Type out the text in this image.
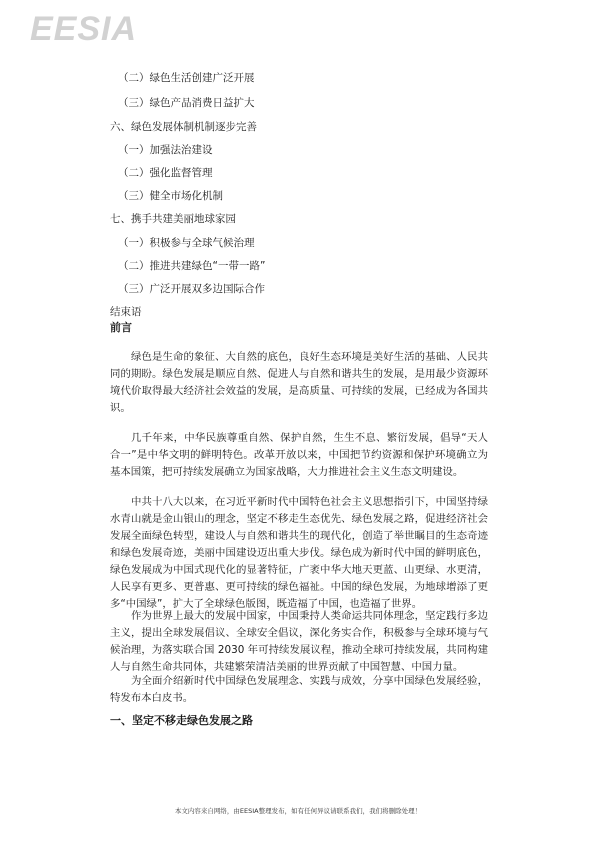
EESIA
（二）绿色生活创建广泛开展
（三）绿色产品消费日益扩大
六、绿色发展体制机制逐步完善
（一）加强法治建设
（二）强化监督管理
（三）健全市场化机制
七、携手共建美丽地球家园
（一）积极参与全球气候治理
（二）推进共建绿色“一带一路”
（三）广泛开展双多边国际合作
结束语
前言

绿色是生命的象征、大自然的底色，良好生态环境是美好生活的基础、人民共同的期盼。绿色发展是顺应自然、促进人与自然和谐共生的发展，是用最少资源环境代价取得最大经济社会效益的发展，是高质量、可持续的发展，已经成为各国共识。

几千年来，中华民族尊重自然、保护自然，生生不息、繁衍发展，倡导“天人合一”是中华文明的鲜明特色。改革开放以来，中国把节约资源和保护环境确立为基本国策，把可持续发展确立为国家战略，大力推进社会主义生态文明建设。

中共十八大以来，在习近平新时代中国特色社会主义思想指引下，中国坚持绿水青山就是金山银山的理念，坚定不移走生态优先、绿色发展之路，促进经济社会发展全面绿色转型，建设人与自然和谐共生的现代化，创造了举世瞩目的生态奇迹和绿色发展奇迹，美丽中国建设迈出重大步伐。绿色成为新时代中国的鲜明底色，绿色发展成为中国式现代化的显著特征，广袤中华大地天更蓝、山更绿、水更清，人民享有更多、更普惠、更可持续的绿色福祉。中国的绿色发展，为地球增添了更多“中国绿”，扩大了全球绿色版图，既造福了中国，也造福了世界。

作为世界上最大的发展中国家，中国秉持人类命运共同体理念，坚定践行多边主义，提出全球发展倡议、全球安全倡议，深化务实合作，积极参与全球环境与气候治理，为落实联合国 2030 年可持续发展议程，推动全球可持续发展，共同构建人与自然生命共同体，共建繁荣清洁美丽的世界贡献了中国智慧、中国力量。

为全面介绍新时代中国绿色发展理念、实践与成效，分享中国绿色发展经验，特发布本白皮书。

一、坚定不移走绿色发展之路
本文内容来自网络，由EESIA整理发布，如有任何异议请联系我们，我们将删除处理！
